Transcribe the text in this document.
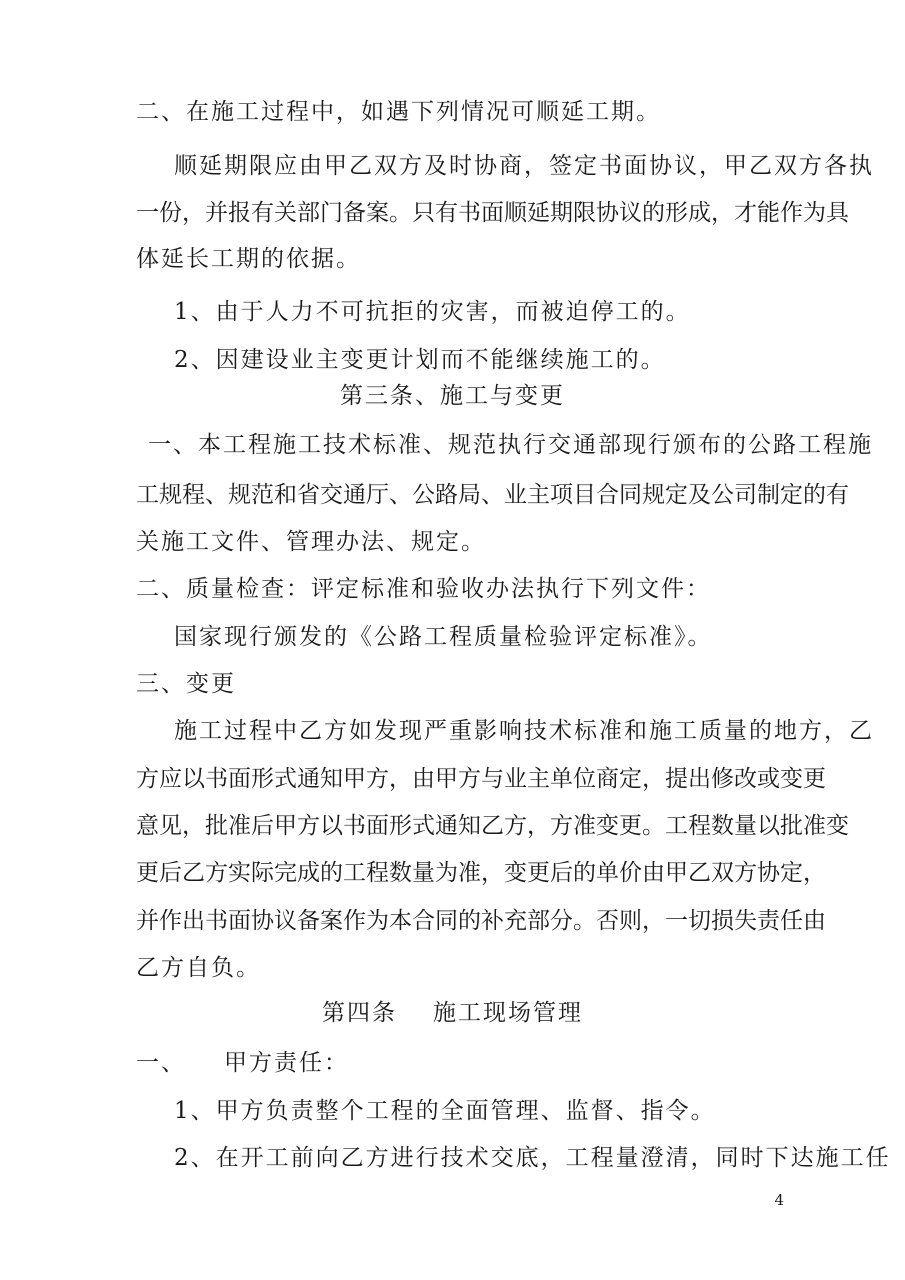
二、在施工过程中，如遇下列情况可顺延工期。
顺延期限应由甲乙双方及时协商，签定书面协议，甲乙双方各执
一份，并报有关部门备案。只有书面顺延期限协议的形成，才能作为具
体延长工期的依据。
1、由于人力不可抗拒的灾害，而被迫停工的。
2、因建设业主变更计划而不能继续施工的。
第三条、施工与变更
一、本工程施工技术标准、规范执行交通部现行颁布的公路工程施
工规程、规范和省交通厅、公路局、业主项目合同规定及公司制定的有
关施工文件、管理办法、规定。
二、质量检查：评定标准和验收办法执行下列文件：
国家现行颁发的《公路工程质量检验评定标准》。
三、变更
施工过程中乙方如发现严重影响技术标准和施工质量的地方，乙
方应以书面形式通知甲方，由甲方与业主单位商定，提出修改或变更
意见，批准后甲方以书面形式通知乙方，方准变更。工程数量以批准变
更后乙方实际完成的工程数量为准，变更后的单价由甲乙双方协定，
并作出书面协议备案作为本合同的补充部分。否则，一切损失责任由
乙方自负。
第四条 施工现场管理
一、 甲方责任：
1、甲方负责整个工程的全面管理、监督、指令。
2、在开工前向乙方进行技术交底，工程量澄清，同时下达施工任
4
